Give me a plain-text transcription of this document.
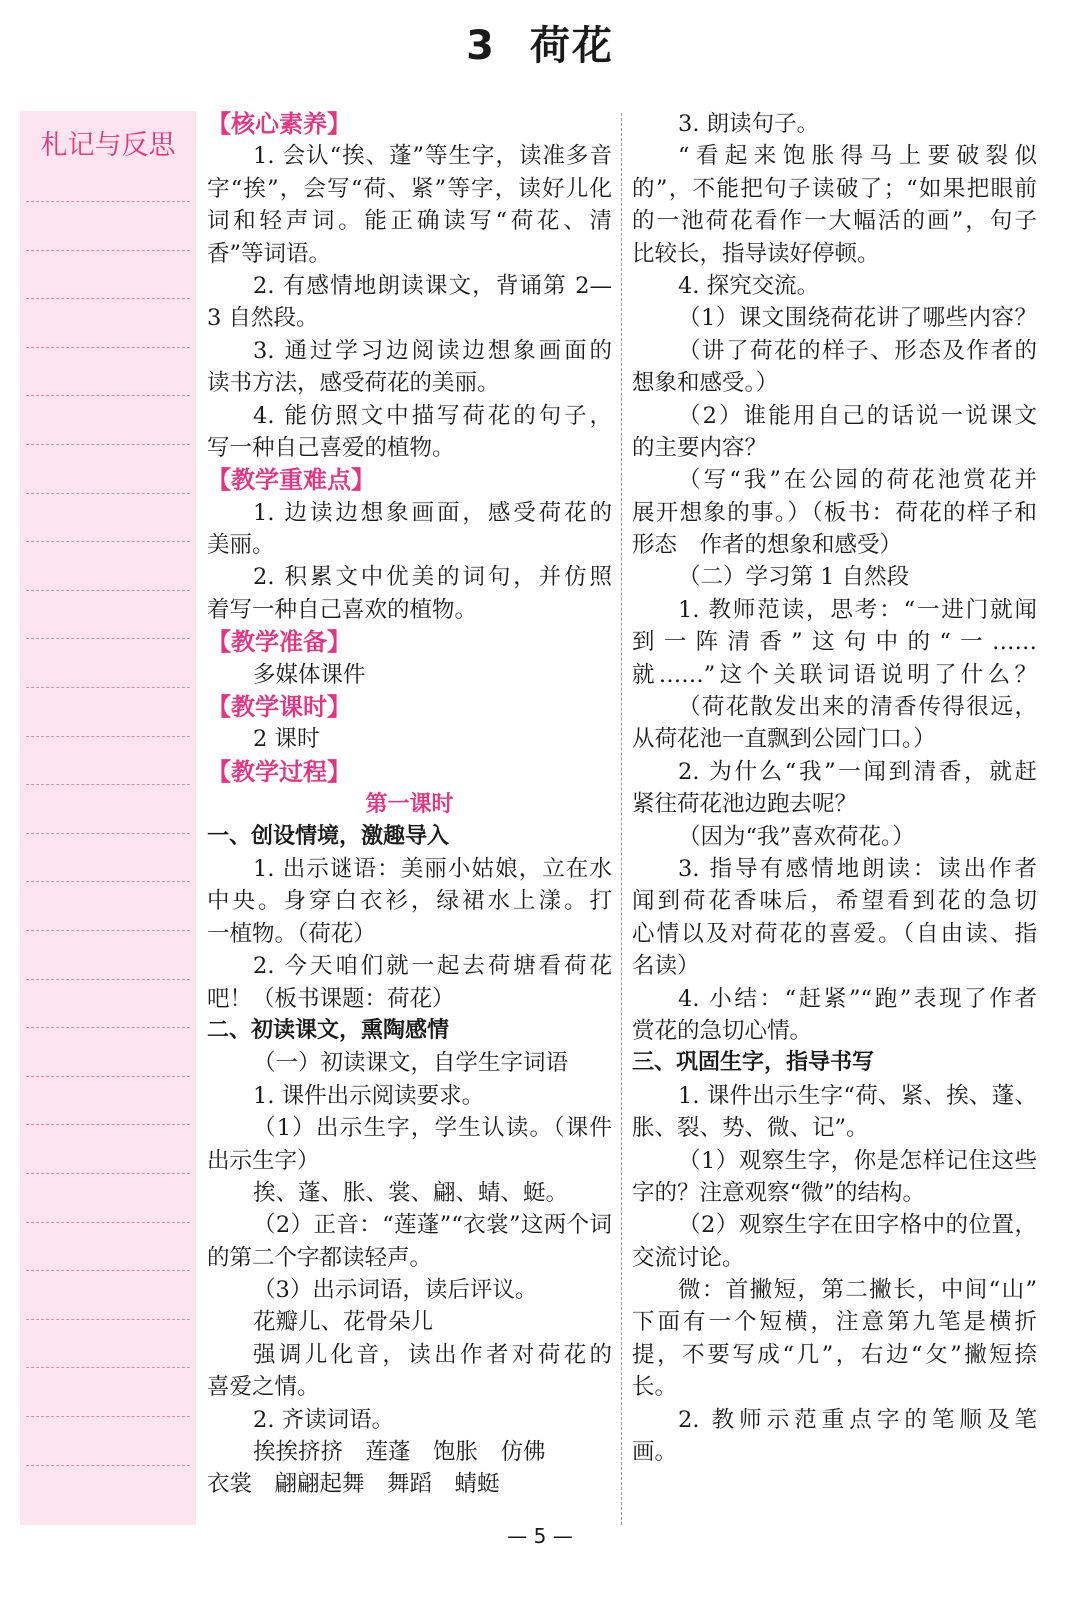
3 荷花
札记与反思
【核心素养】
1. 会认“挨、蓬”等生字，读准多音
字“挨”，会写“荷、紧”等字，读好儿化
词和轻声词。能正确读写“荷花、清
香”等词语。
2. 有感情地朗读课文，背诵第 2—
3 自然段。
3. 通过学习边阅读边想象画面的
读书方法，感受荷花的美丽。
4. 能仿照文中描写荷花的句子，
写一种自己喜爱的植物。
【教学重难点】
1. 边读边想象画面，感受荷花的
美丽。
2. 积累文中优美的词句，并仿照
着写一种自己喜欢的植物。
【教学准备】
多媒体课件
【教学课时】
2 课时
【教学过程】
第一课时
一、创设情境，激趣导入
1. 出示谜语：美丽小姑娘，立在水
中央。身穿白衣衫，绿裙水上漾。打
一植物。（荷花）
2. 今天咱们就一起去荷塘看荷花
吧！（板书课题：荷花）
二、初读课文，熏陶感情
（一）初读课文，自学生字词语
1. 课件出示阅读要求。
（1）出示生字，学生认读。（课件
出示生字）
挨、蓬、胀、裳、翩、蜻、蜓。
（2）正音：“莲蓬”“衣裳”这两个词
的第二个字都读轻声。
（3）出示词语，读后评议。
花瓣儿、花骨朵儿
强调儿化音，读出作者对荷花的
喜爱之情。
2. 齐读词语。
挨挨挤挤　莲蓬　饱胀　仿佛
衣裳　翩翩起舞　舞蹈　蜻蜓
3. 朗读句子。
“看起来饱胀得马上要破裂似
的”，不能把句子读破了；“如果把眼前
的一池荷花看作一大幅活的画”，句子
比较长，指导读好停顿。
4. 探究交流。
（1）课文围绕荷花讲了哪些内容？
（讲了荷花的样子、形态及作者的
想象和感受。）
（2）谁能用自己的话说一说课文
的主要内容？
（写“我”在公园的荷花池赏花并
展开想象的事。）（板书：荷花的样子和
形态　作者的想象和感受）
（二）学习第 1 自然段
1. 教师范读，思考：“一进门就闻
到一阵清香”这句中的“一……
就……”这个关联词语说明了什么？
（荷花散发出来的清香传得很远，
从荷花池一直飘到公园门口。）
2. 为什么“我”一闻到清香，就赶
紧往荷花池边跑去呢？
（因为“我”喜欢荷花。）
3. 指导有感情地朗读：读出作者
闻到荷花香味后，希望看到花的急切
心情以及对荷花的喜爱。（自由读、指
名读）
4. 小结：“赶紧”“跑”表现了作者
赏花的急切心情。
三、巩固生字，指导书写
1. 课件出示生字“荷、紧、挨、蓬、
胀、裂、势、微、记”。
（1）观察生字，你是怎样记住这些
字的？注意观察“微”的结构。
（2）观察生字在田字格中的位置，
交流讨论。
微：首撇短，第二撇长，中间“山”
下面有一个短横，注意第九笔是横折
提，不要写成“几”，右边“攵”撇短捺
长。
2. 教师示范重点字的笔顺及笔
画。
— 5 —
